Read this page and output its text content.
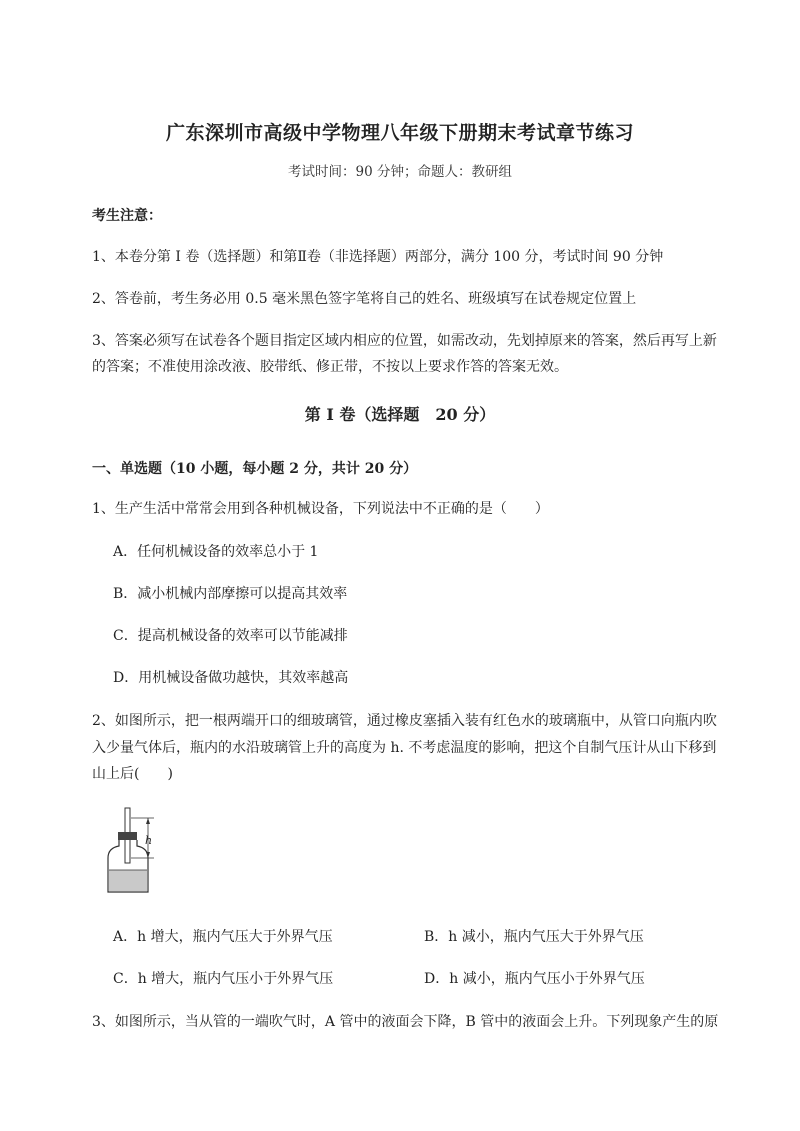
广东深圳市高级中学物理八年级下册期末考试章节练习
考试时间：90 分钟；命题人：教研组
考生注意：
1、本卷分第 I 卷（选择题）和第Ⅱ卷（非选择题）两部分，满分 100 分，考试时间 90 分钟
2、答卷前，考生务必用 0.5 毫米黑色签字笔将自己的姓名、班级填写在试卷规定位置上
3、答案必须写在试卷各个题目指定区域内相应的位置，如需改动，先划掉原来的答案，然后再写上新
的答案；不准使用涂改液、胶带纸、修正带，不按以上要求作答的答案无效。
第 I 卷（选择题　20 分）
一、单选题（10 小题，每小题 2 分，共计 20 分）
1、生产生活中常常会用到各种机械设备，下列说法中不正确的是（　　）
A．任何机械设备的效率总小于 1
B．减小机械内部摩擦可以提高其效率
C．提高机械设备的效率可以节能减排
D．用机械设备做功越快，其效率越高
2、如图所示，把一根两端开口的细玻璃管，通过橡皮塞插入装有红色水的玻璃瓶中，从管口向瓶内吹
入少量气体后，瓶内的水沿玻璃管上升的高度为 h. 不考虑温度的影响，把这个自制气压计从山下移到
山上后(　　)
h
A．h 增大，瓶内气压大于外界气压	B．h 减小，瓶内气压大于外界气压
C．h 增大，瓶内气压小于外界气压	D．h 减小，瓶内气压小于外界气压
3、如图所示，当从管的一端吹气时，A 管中的液面会下降，B 管中的液面会上升。下列现象产生的原
